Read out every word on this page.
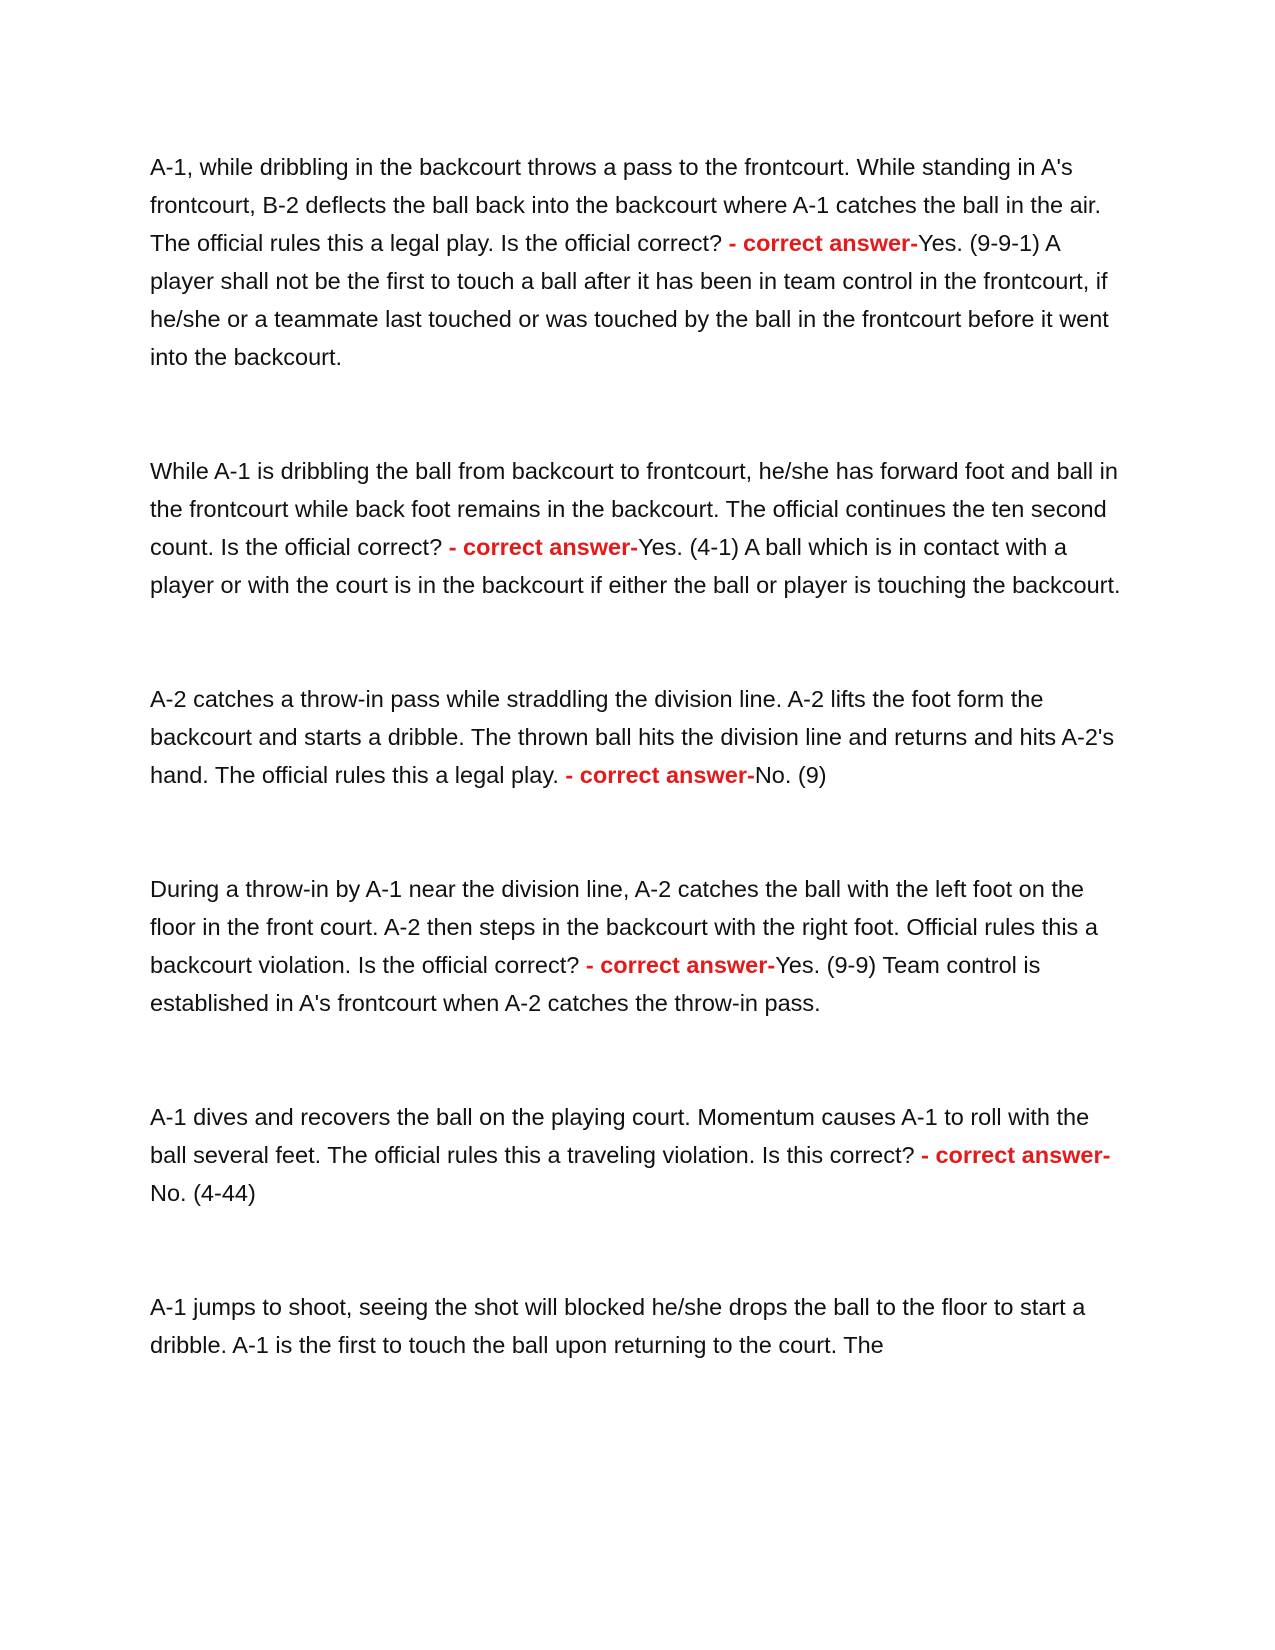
A-1, while dribbling in the backcourt throws a pass to the frontcourt. While standing in A's frontcourt, B-2 deflects the ball back into the backcourt where A-1 catches the ball in the air. The official rules this a legal play. Is the official correct? - correct answer-Yes. (9-9-1) A player shall not be the first to touch a ball after it has been in team control in the frontcourt, if he/she or a teammate last touched or was touched by the ball in the frontcourt before it went into the backcourt.

While A-1 is dribbling the ball from backcourt to frontcourt, he/she has forward foot and ball in the frontcourt while back foot remains in the backcourt. The official continues the ten second count. Is the official correct? - correct answer-Yes. (4-1) A ball which is in contact with a player or with the court is in the backcourt if either the ball or player is touching the backcourt.

A-2 catches a throw-in pass while straddling the division line. A-2 lifts the foot form the backcourt and starts a dribble. The thrown ball hits the division line and returns and hits A-2's hand. The official rules this a legal play. - correct answer-No. (9)

During a throw-in by A-1 near the division line, A-2 catches the ball with the left foot on the floor in the front court. A-2 then steps in the backcourt with the right foot. Official rules this a backcourt violation. Is the official correct? - correct answer-Yes. (9-9) Team control is established in A's frontcourt when A-2 catches the throw-in pass.

A-1 dives and recovers the ball on the playing court. Momentum causes A-1 to roll with the ball several feet. The official rules this a traveling violation. Is this correct? - correct answer-No. (4-44)

A-1 jumps to shoot, seeing the shot will blocked he/she drops the ball to the floor to start a dribble. A-1 is the first to touch the ball upon returning to the court. The
